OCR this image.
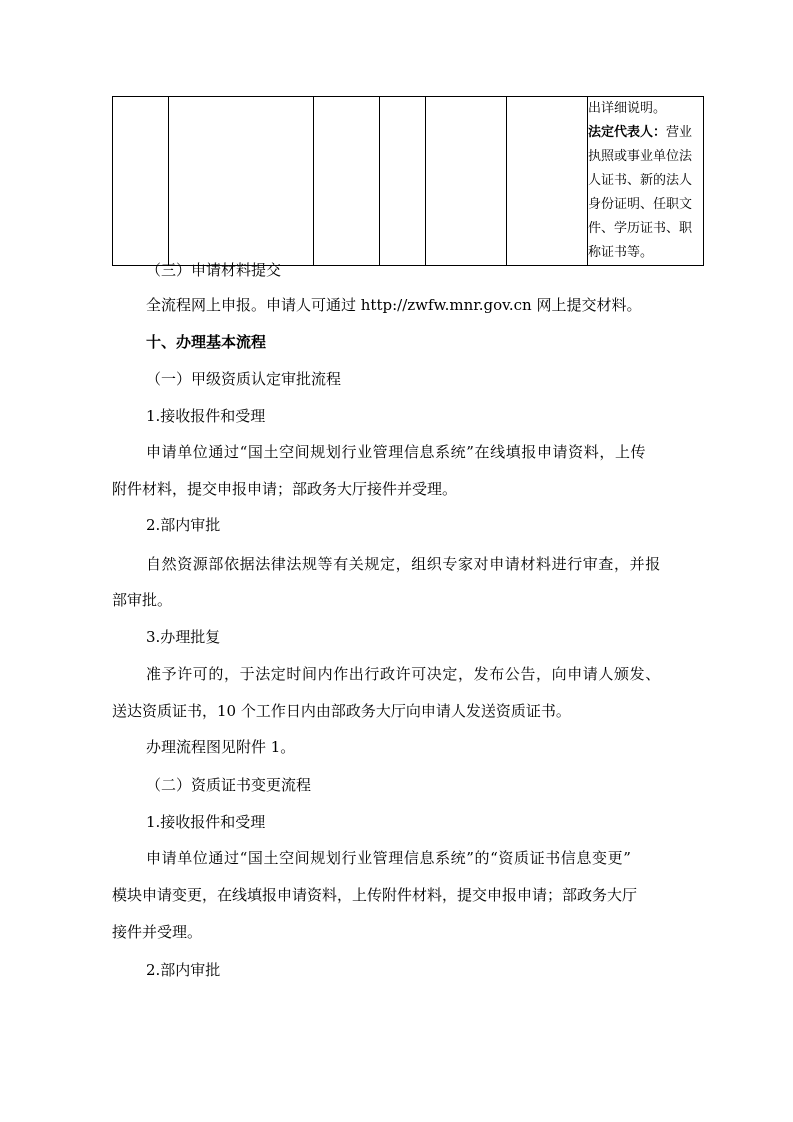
出详细说明。
法定代表人：营业
执照或事业单位法
人证书、新的法人
身份证明、任职文
件、学历证书、职
称证书等。
（三）申请材料提交
全流程网上申报。申请人可通过 http://zwfw.mnr.gov.cn 网上提交材料。
十、办理基本流程
（一）甲级资质认定审批流程
1.接收报件和受理
申请单位通过“国土空间规划行业管理信息系统”在线填报申请资料，上传
附件材料，提交申报申请；部政务大厅接件并受理。
2.部内审批
自然资源部依据法律法规等有关规定，组织专家对申请材料进行审查，并报
部审批。
3.办理批复
准予许可的，于法定时间内作出行政许可决定，发布公告，向申请人颁发、
送达资质证书，10 个工作日内由部政务大厅向申请人发送资质证书。
办理流程图见附件 1。
（二）资质证书变更流程
1.接收报件和受理
申请单位通过“国土空间规划行业管理信息系统”的“资质证书信息变更”
模块申请变更，在线填报申请资料，上传附件材料，提交申报申请；部政务大厅
接件并受理。
2.部内审批
